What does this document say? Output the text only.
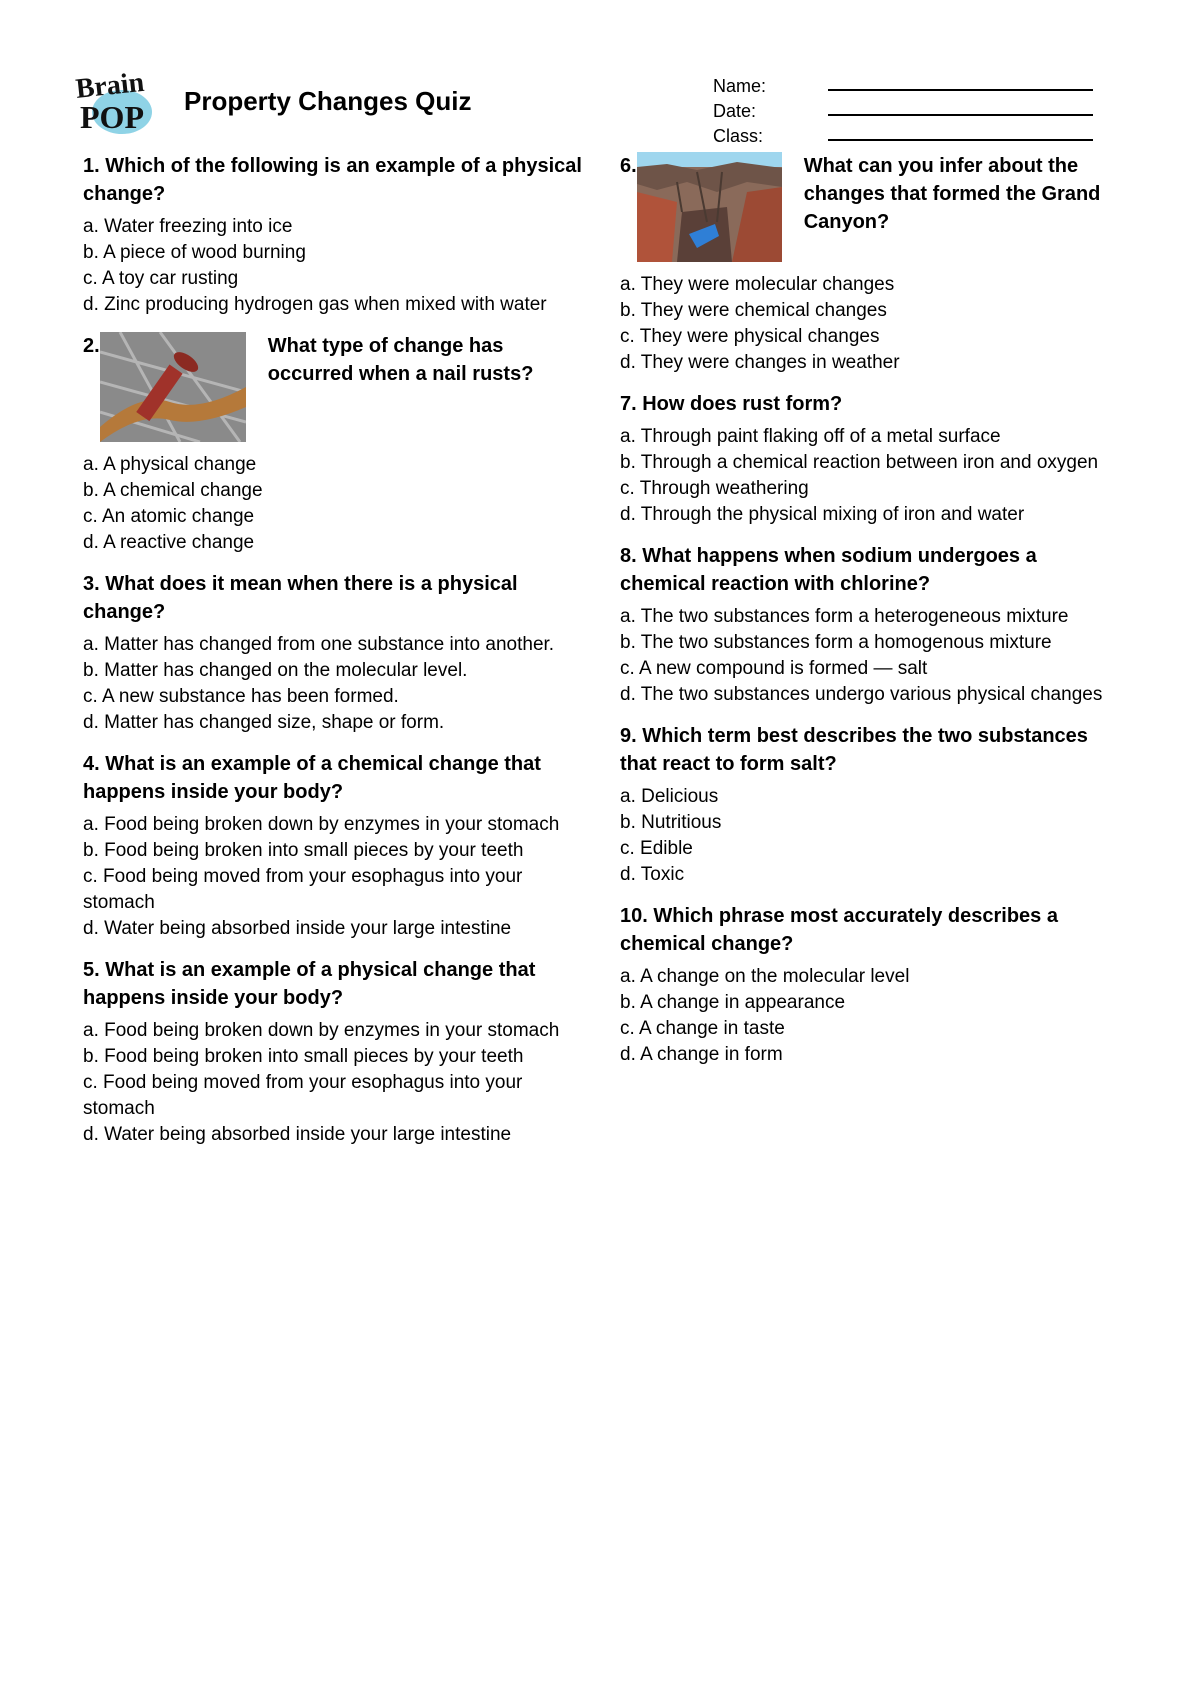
Brain
POP Property Changes Quiz	Name:
Date:
Class:
1. Which of the following is an example of a physical change?
a. Water freezing into ice
b. A piece of wood burning
c. A toy car rusting
d. Zinc producing hydrogen gas when mixed with water
2.	What type of change has occurred when a nail rusts?
a. A physical change
b. A chemical change
c. An atomic change
d. A reactive change
3. What does it mean when there is a physical change?
a. Matter has changed from one substance into another.
b. Matter has changed on the molecular level.
c. A new substance has been formed.
d. Matter has changed size, shape or form.
4. What is an example of a chemical change that happens inside your body?
a. Food being broken down by enzymes in your stomach
b. Food being broken into small pieces by your teeth
c. Food being moved from your esophagus into your stomach
d. Water being absorbed inside your large intestine
5. What is an example of a physical change that happens inside your body?
a. Food being broken down by enzymes in your stomach
b. Food being broken into small pieces by your teeth
c. Food being moved from your esophagus into your stomach
d. Water being absorbed inside your large intestine
6.	What can you infer about the changes that formed the Grand Canyon?
a. They were molecular changes
b. They were chemical changes
c. They were physical changes
d. They were changes in weather
7. How does rust form?
a. Through paint flaking off of a metal surface
b. Through a chemical reaction between iron and oxygen
c. Through weathering
d. Through the physical mixing of iron and water
8. What happens when sodium undergoes a chemical reaction with chlorine?
a. The two substances form a heterogeneous mixture
b. The two substances form a homogenous mixture
c. A new compound is formed — salt
d. The two substances undergo various physical changes
9. Which term best describes the two substances that react to form salt?
a. Delicious
b. Nutritious
c. Edible
d. Toxic
10. Which phrase most accurately describes a chemical change?
a. A change on the molecular level
b. A change in appearance
c. A change in taste
d. A change in form
